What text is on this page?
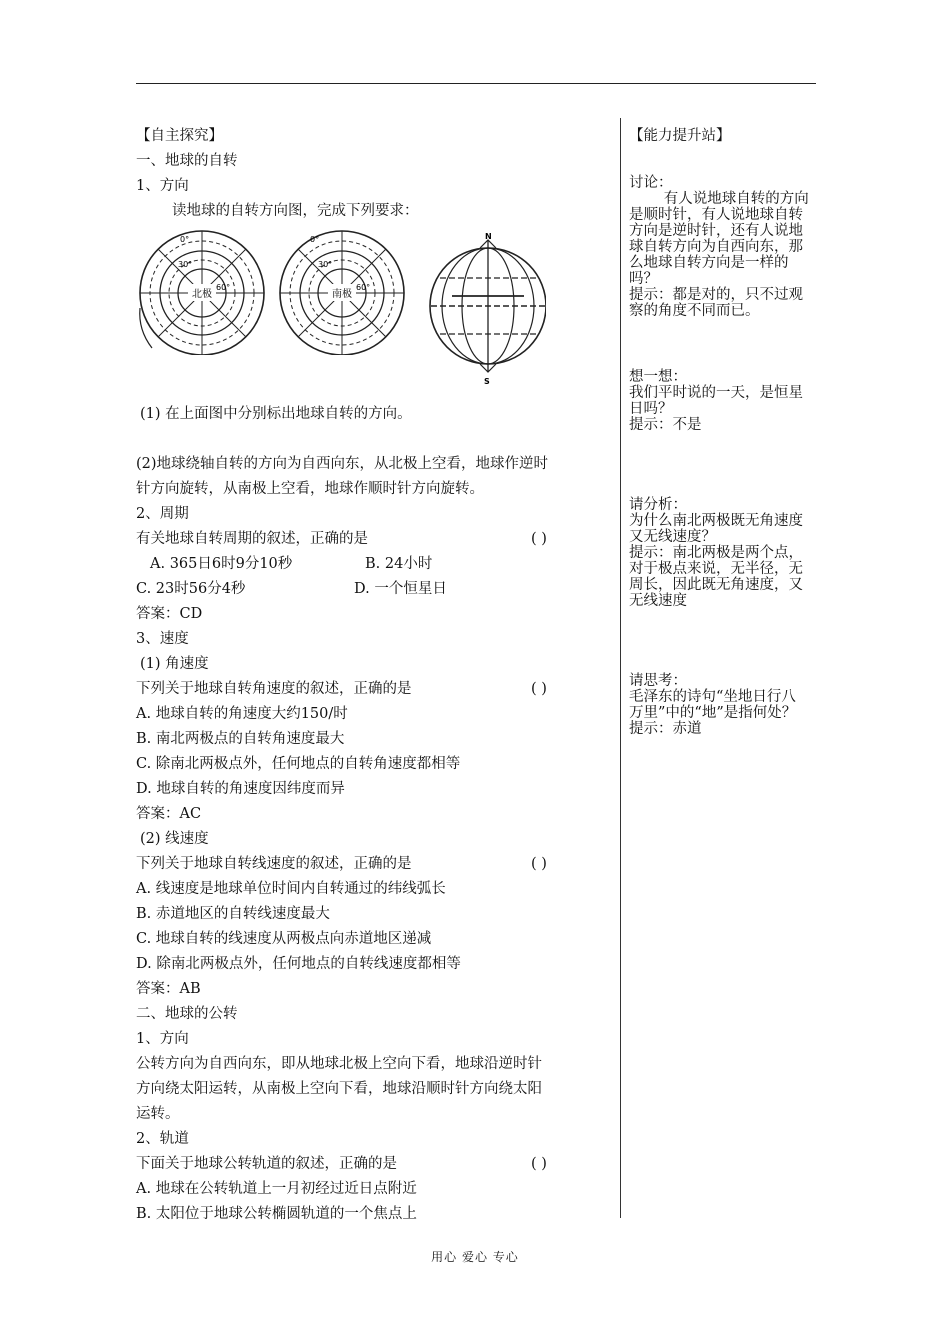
【自主探究】
一、地球的自转
1、方向
读地球的自转方向图，完成下列要求：
北极
0°
30°
60°
南极
0°
30°
60°
N
S
(1) 在上面图中分别标出地球自转的方向。
(2)地球绕轴自转的方向为自西向东，从北极上空看，地球作逆时
针方向旋转，从南极上空看，地球作顺时针方向旋转。
2、周期
有关地球自转周期的叙述，正确的是	( )
A. 365日6时9分10秒	B. 24小时
C. 23时56分4秒	D. 一个恒星日
答案：CD
3、速度
(1) 角速度
下列关于地球自转角速度的叙述，正确的是	( )
A. 地球自转的角速度大约150/时
B. 南北两极点的自转角速度最大
C. 除南北两极点外，任何地点的自转角速度都相等
D. 地球自转的角速度因纬度而异
答案：AC
(2) 线速度
下列关于地球自转线速度的叙述，正确的是	( )
A. 线速度是地球单位时间内自转通过的纬线弧长
B. 赤道地区的自转线速度最大
C. 地球自转的线速度从两极点向赤道地区递减
D. 除南北两极点外，任何地点的自转线速度都相等
答案：AB
二、地球的公转
1、方向
公转方向为自西向东，即从地球北极上空向下看，地球沿逆时针
方向绕太阳运转，从南极上空向下看，地球沿顺时针方向绕太阳
运转。
2、轨道
下面关于地球公转轨道的叙述，正确的是	( )
A. 地球在公转轨道上一月初经过近日点附近
B. 太阳位于地球公转椭圆轨道的一个焦点上
【能力提升站】
讨论：
有人说地球自转的方向是顺时针，有人说地球自转方向是逆时针，还有人说地球自转方向为自西向东，那么地球自转方向是一样的吗？
提示：都是对的，只不过观察的角度不同而已。
想一想：
我们平时说的一天，是恒星日吗？
提示：不是
请分析：
为什么南北两极既无角速度又无线速度？
提示：南北两极是两个点，对于极点来说，无半径，无周长，因此既无角速度，又无线速度
请思考：
毛泽东的诗句“坐地日行八万里”中的“地”是指何处？
提示：赤道
用心 爱心 专心
